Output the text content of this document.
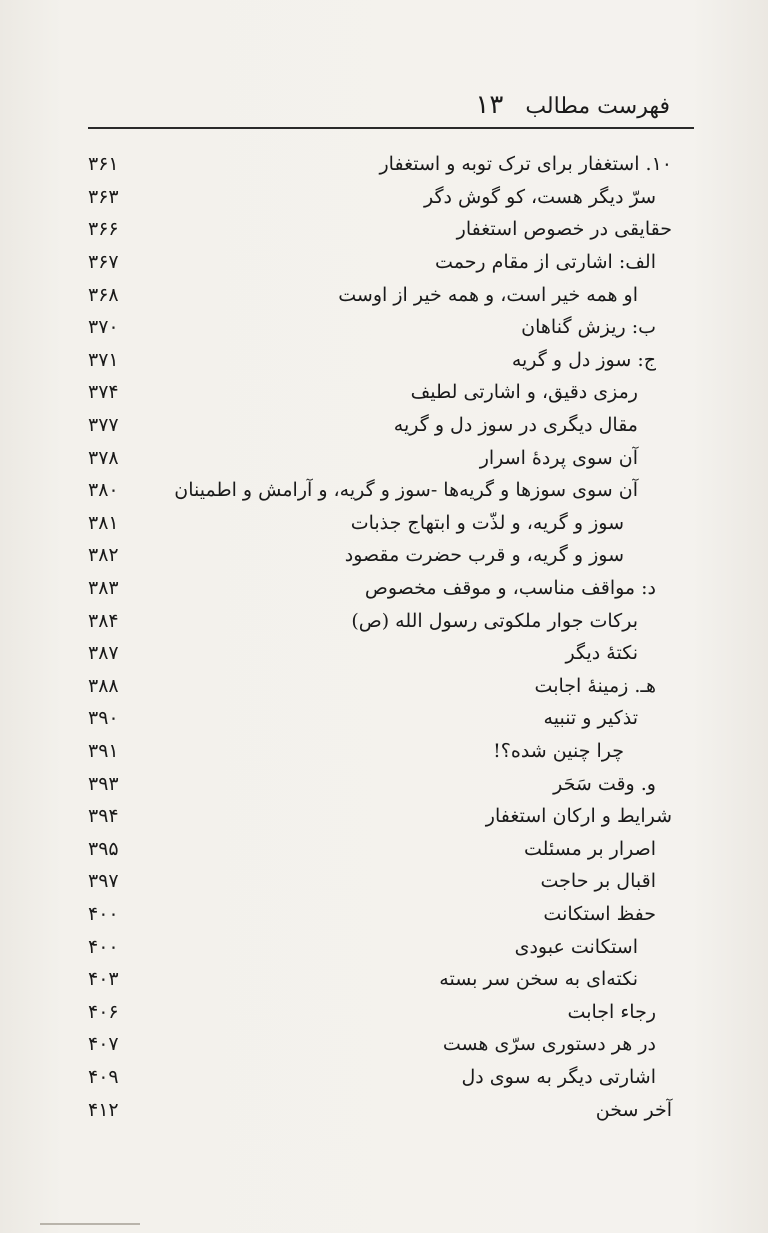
فهرست مطالب
۱۳
۱۰. استغفار برای ترک توبه و استغفار
۳۶۱
سرّ دیگر هست، کو گوش دگر
۳۶۳
حقایقی در خصوص استغفار
۳۶۶
الف: اشارتی از مقام رحمت
۳۶۷
او همه خیر است، و همه خیر از اوست
۳۶۸
ب: ریزش گناهان
۳۷۰
ج: سوز دل و گریه
۳۷۱
رمزی دقیق، و اشارتی لطیف
۳۷۴
مقال دیگری در سوز دل و گریه
۳۷۷
آن سوی پردهٔ اسرار
۳۷۸
آن سوی سوزها و گریه‌ها -سوز و گریه، و آرامش و اطمینان
۳۸۰
سوز و گریه، و لذّت و ابتهاج جذبات
۳۸۱
سوز و گریه، و قرب حضرت مقصود
۳۸۲
د: مواقف مناسب، و موقف مخصوص
۳۸۳
برکات جوار ملکوتی رسول الله (ص)
۳۸۴
نکتهٔ دیگر
۳۸۷
هـ. زمینهٔ اجابت
۳۸۸
تذکیر و تنبیه
۳۹۰
چرا چنین شده؟!
۳۹۱
و. وقت سَحَر
۳۹۳
شرایط و ارکان استغفار
۳۹۴
اصرار بر مسئلت
۳۹۵
اقبال بر حاجت
۳۹۷
حفظ استکانت
۴۰۰
استکانت عبودی
۴۰۰
نکته‌ای به سخن سر بسته
۴۰۳
رجاء اجابت
۴۰۶
در هر دستوری سرّی هست
۴۰۷
اشارتی دیگر به سوی دل
۴۰۹
آخر سخن
۴۱۲
